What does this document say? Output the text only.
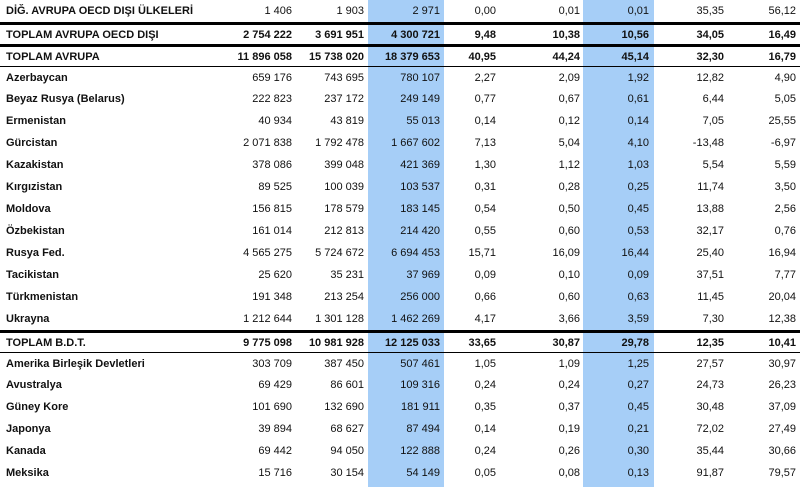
DİĞ. AVRUPA OECD DIŞI ÜLKELERİ	1 406	1 903	2 971	0,00	0,01	0,01	35,35	56,12
TOPLAM AVRUPA OECD DIŞI	2 754 222	3 691 951	4 300 721	9,48	10,38	10,56	34,05	16,49
TOPLAM AVRUPA	11 896 058	15 738 020	18 379 653	40,95	44,24	45,14	32,30	16,79
Azerbaycan	659 176	743 695	780 107	2,27	2,09	1,92	12,82	4,90
Beyaz Rusya (Belarus)	222 823	237 172	249 149	0,77	0,67	0,61	6,44	5,05
Ermenistan	40 934	43 819	55 013	0,14	0,12	0,14	7,05	25,55
Gürcistan	2 071 838	1 792 478	1 667 602	7,13	5,04	4,10	-13,48	-6,97
Kazakistan	378 086	399 048	421 369	1,30	1,12	1,03	5,54	5,59
Kırgızistan	89 525	100 039	103 537	0,31	0,28	0,25	11,74	3,50
Moldova	156 815	178 579	183 145	0,54	0,50	0,45	13,88	2,56
Özbekistan	161 014	212 813	214 420	0,55	0,60	0,53	32,17	0,76
Rusya Fed.	4 565 275	5 724 672	6 694 453	15,71	16,09	16,44	25,40	16,94
Tacikistan	25 620	35 231	37 969	0,09	0,10	0,09	37,51	7,77
Türkmenistan	191 348	213 254	256 000	0,66	0,60	0,63	11,45	20,04
Ukrayna	1 212 644	1 301 128	1 462 269	4,17	3,66	3,59	7,30	12,38
TOPLAM B.D.T.	9 775 098	10 981 928	12 125 033	33,65	30,87	29,78	12,35	10,41
Amerika Birleşik Devletleri	303 709	387 450	507 461	1,05	1,09	1,25	27,57	30,97
Avustralya	69 429	86 601	109 316	0,24	0,24	0,27	24,73	26,23
Güney Kore	101 690	132 690	181 911	0,35	0,37	0,45	30,48	37,09
Japonya	39 894	68 627	87 494	0,14	0,19	0,21	72,02	27,49
Kanada	69 442	94 050	122 888	0,24	0,26	0,30	35,44	30,66
Meksika	15 716	30 154	54 149	0,05	0,08	0,13	91,87	79,57
